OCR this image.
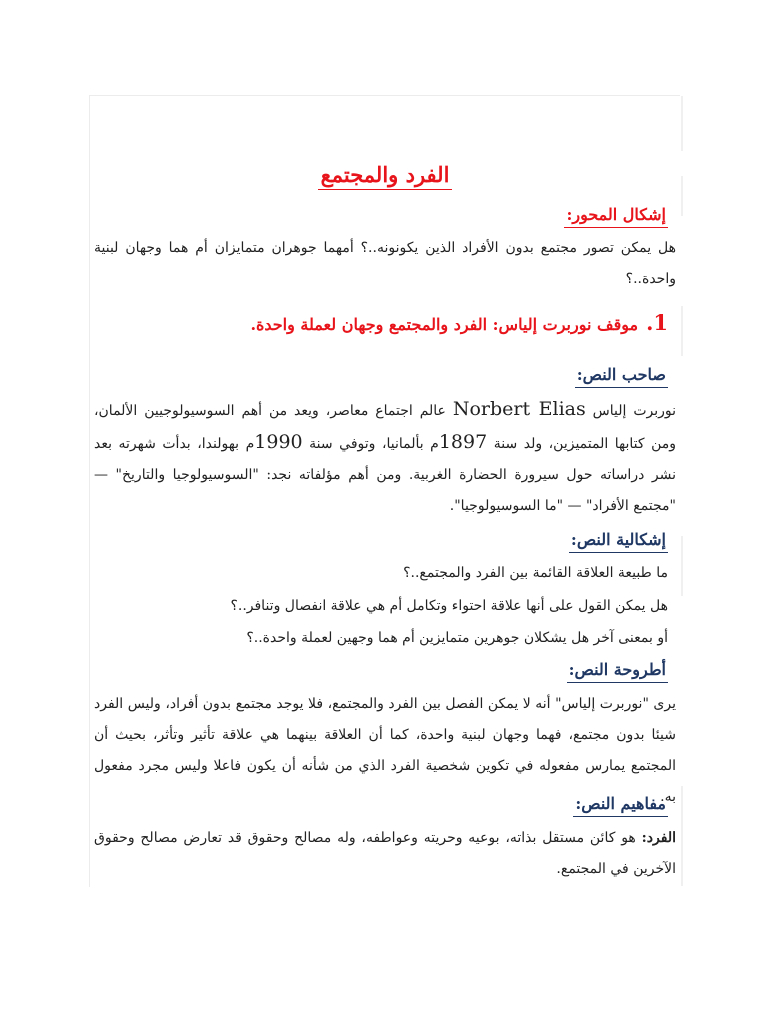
الفرد والمجتمع
إشكال المحور:
هل يمكن تصور مجتمع بدون الأفراد الذين يكونونه..؟ أمهما جوهران متمايزان أم هما وجهان لبنية واحدة..؟
1.موقف نوربرت إلياس: الفرد والمجتمع وجهان لعملة واحدة.
صاحب النص:
نوربرت إلياس Norbert Elias عالم اجتماع معاصر، ويعد من أهم السوسيولوجيين الألمان، ومن كتابها المتميزين، ولد سنة 1897م بألمانيا، وتوفي سنة 1990م بهولندا، بدأت شهرته بعد نشر دراساته حول سيرورة الحضارة الغربية. ومن أهم مؤلفاته نجد: "السوسيولوجيا والتاريخ" — "مجتمع الأفراد" — "ما السوسيولوجيا".
إشكالية النص:
ما طبيعة العلاقة القائمة بين الفرد والمجتمع..؟
هل يمكن القول على أنها علاقة احتواء وتكامل أم هي علاقة انفصال وتنافر..؟
أو بمعنى آخر هل يشكلان جوهرين متمايزين أم هما وجهين لعملة واحدة..؟
أطروحة النص:
يرى "نوربرت إلياس" أنه لا يمكن الفصل بين الفرد والمجتمع، فلا يوجد مجتمع بدون أفراد، وليس الفرد شيئا بدون مجتمع، فهما وجهان لبنية واحدة، كما أن العلاقة بينهما هي علاقة تأثير وتأثر، بحيث أن المجتمع يمارس مفعوله في تكوين شخصية الفرد الذي من شأنه أن يكون فاعلا وليس مجرد مفعول به.
مفاهيم النص:
الفرد: هو كائن مستقل بذاته، بوعيه وحريته وعواطفه، وله مصالح وحقوق قد تعارض مصالح وحقوق الآخرين في المجتمع.
